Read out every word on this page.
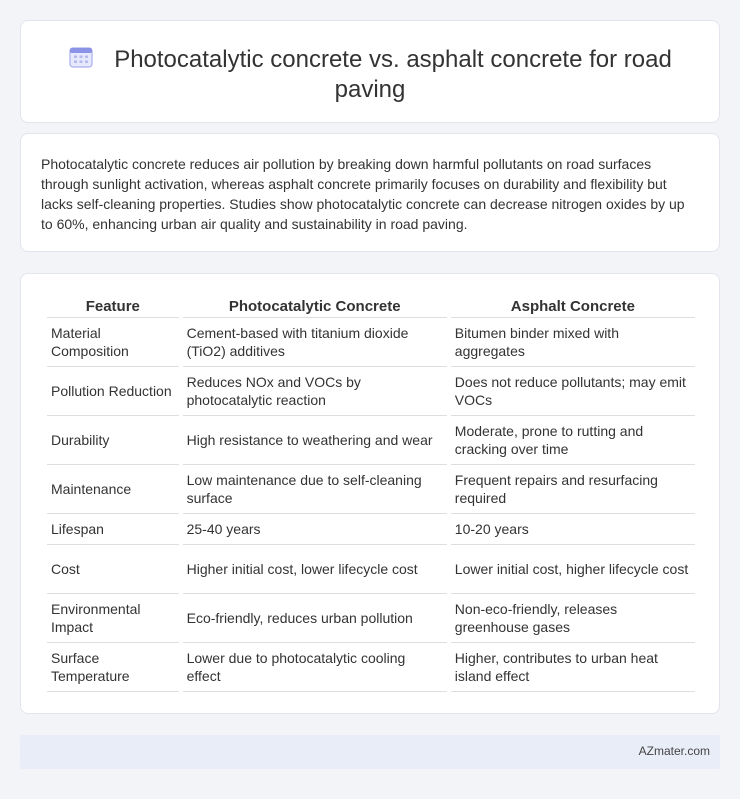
Photocatalytic concrete vs. asphalt concrete for road paving

Photocatalytic concrete reduces air pollution by breaking down harmful pollutants on road surfaces through sunlight activation, whereas asphalt concrete primarily focuses on durability and flexibility but lacks self-cleaning properties. Studies show photocatalytic concrete can decrease nitrogen oxides by up to 60%, enhancing urban air quality and sustainability in road paving.

Feature	Photocatalytic Concrete	Asphalt Concrete
Material Composition	Cement-based with titanium dioxide (TiO2) additives	Bitumen binder mixed with aggregates
Pollution Reduction	Reduces NOx and VOCs by photocatalytic reaction	Does not reduce pollutants; may emit VOCs
Durability	High resistance to weathering and wear	Moderate, prone to rutting and cracking over time
Maintenance	Low maintenance due to self-cleaning surface	Frequent repairs and resurfacing required
Lifespan	25-40 years	10-20 years
Cost	Higher initial cost, lower lifecycle cost	Lower initial cost, higher lifecycle cost
Environmental Impact	Eco-friendly, reduces urban pollution	Non-eco-friendly, releases greenhouse gases
Surface Temperature	Lower due to photocatalytic cooling effect	Higher, contributes to urban heat island effect
AZmater.com
